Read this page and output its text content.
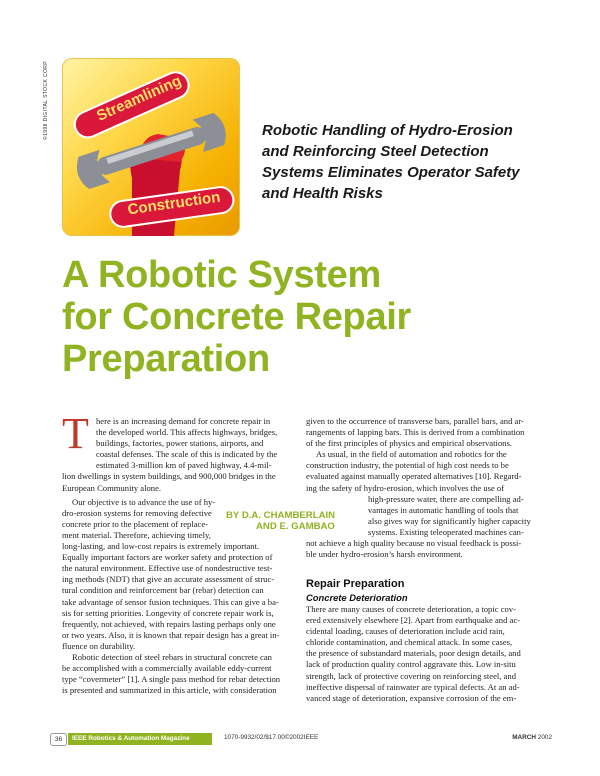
Streamlining
Construction
©1998 DIGITAL STOCK CORP.	Robotic Handling of Hydro-Erosion
and Reinforcing Steel Detection
Systems Eliminates Operator Safety
and Health Risks
A Robotic System
for Concrete Repair
Preparation
T here is an increasing demand for concrete repair in

the developed world. This affects highways, bridges,

buildings, factories, power stations, airports, and

coastal defenses. The scale of this is indicated by the

estimated 3-million km of paved highway, 4.4-mil-

lion dwellings in system buildings, and 900,000 bridges in the

European Community alone.

Our objective is to advance the use of hy-

dro-erosion systems for removing defective

concrete prior to the placement of replace-

ment material. Therefore, achieving timely,

long-lasting, and low-cost repairs is extremely important.

Equally important factors are worker safety and protection of

the natural environment. Effective use of nondestructive test-

ing methods (NDT) that give an accurate assessment of struc-

tural condition and reinforcement bar (rebar) detection can

take advantage of sensor fusion techniques. This can give a ba-

sis for setting priorities. Longevity of concrete repair work is,

frequently, not achieved, with repairs lasting perhaps only one

or two years. Also, it is known that repair design has a great in-

fluence on durability.

Robotic detection of steel rebars in structural concrete can

be accomplished with a commercially available eddy-current

type “covermeter” [1]. A single pass method for rebar detection

is presented and summarized in this article, with consideration

BY D.A. CHAMBERLAIN
AND E. GAMBAO

given to the occurrence of transverse bars, parallel bars, and ar-

rangements of lapping bars. This is derived from a combination

of the first principles of physics and empirical observations.

As usual, in the field of automation and robotics for the

construction industry, the potential of high cost needs to be

evaluated against manually operated alternatives [10]. Regard-

ing the safety of hydro-erosion, which involves the use of

high-pressure water, there are compelling ad-

vantages in automatic handling of tools that

also gives way for significantly higher capacity

systems. Existing teleoperated machines can-

not achieve a high quality because no visual feedback is possi-

ble under hydro-erosion’s harsh environment.

Repair Preparation
Concrete Deterioration

There are many causes of concrete deterioration, a topic cov-

ered extensively elsewhere [2]. Apart from earthquake and ac-

cidental loading, causes of deterioration include acid rain,

chloride contamination, and chemical attack. In some cases,

the presence of substandard materials, poor design details, and

lack of production quality control aggravate this. Low in-situ

strength, lack of protective covering on reinforcing steel, and

ineffective dispersal of rainwater are typical defects. At an ad-

vanced stage of deterioration, expansive corrosion of the em-

36	IEEE Robotics & Automation Magazine	1070-9932/02/$17.00©2002IEEE	MARCH 2002
